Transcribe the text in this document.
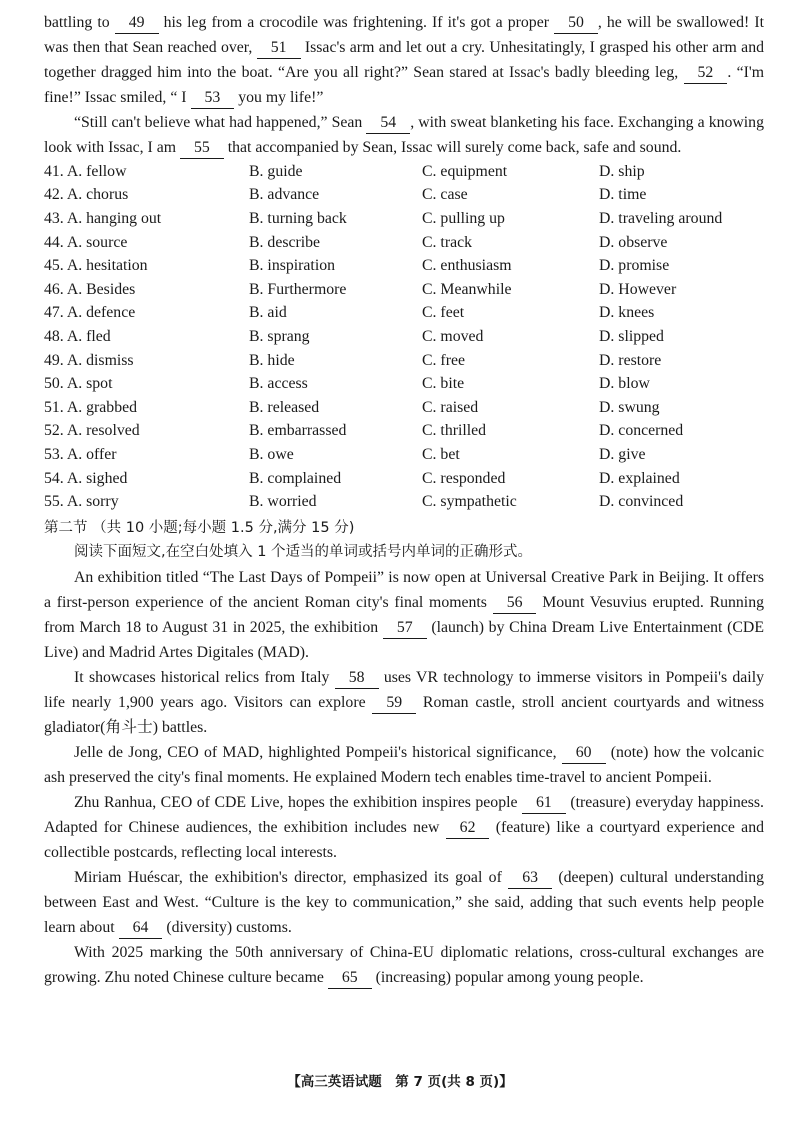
battling to 49 his leg from a crocodile was frightening. If it's got a proper 50 , he will be swallowed! It was then that Sean reached over, 51 Issac's arm and let out a cry. Unhesitatingly, I grasped his other arm and together dragged him into the boat. “Are you all right?” Sean stared at Issac's badly bleeding leg, 52 . “I'm fine!” Issac smiled, “ I 53 you my life!”

“Still can't believe what had happened,” Sean 54 , with sweat blanketing his face. Exchanging a knowing look with Issac, I am 55 that accompanied by Sean, Issac will surely come back, safe and sound.

41. A. fellow	B. guide	C. equipment	D. ship
42. A. chorus	B. advance	C. case	D. time
43. A. hanging out	B. turning back	C. pulling up	D. traveling around
44. A. source	B. describe	C. track	D. observe
45. A. hesitation	B. inspiration	C. enthusiasm	D. promise
46. A. Besides	B. Furthermore	C. Meanwhile	D. However
47. A. defence	B. aid	C. feet	D. knees
48. A. fled	B. sprang	C. moved	D. slipped
49. A. dismiss	B. hide	C. free	D. restore
50. A. spot	B. access	C. bite	D. blow
51. A. grabbed	B. released	C. raised	D. swung
52. A. resolved	B. embarrassed	C. thrilled	D. concerned
53. A. offer	B. owe	C. bet	D. give
54. A. sighed	B. complained	C. responded	D. explained
55. A. sorry	B. worried	C. sympathetic	D. convinced

第二节 （共 10 小题;每小题 1.5 分,满分 15 分)

阅读下面短文,在空白处填入 1 个适当的单词或括号内单词的正确形式。

An exhibition titled “The Last Days of Pompeii” is now open at Universal Creative Park in Beijing. It offers a first-person experience of the ancient Roman city's final moments 56 Mount Vesuvius erupted. Running from March 18 to August 31 in 2025, the exhibition 57 (launch) by China Dream Live Entertainment (CDE Live) and Madrid Artes Digitales (MAD).

It showcases historical relics from Italy 58 uses VR technology to immerse visitors in Pompeii's daily life nearly 1,900 years ago. Visitors can explore 59 Roman castle, stroll ancient courtyards and witness gladiator(角斗士) battles.

Jelle de Jong, CEO of MAD, highlighted Pompeii's historical significance, 60 (note) how the volcanic ash preserved the city's final moments. He explained Modern tech enables time-travel to ancient Pompeii.

Zhu Ranhua, CEO of CDE Live, hopes the exhibition inspires people 61 (treasure) everyday happiness. Adapted for Chinese audiences, the exhibition includes new 62 (feature) like a courtyard experience and collectible postcards, reflecting local interests.

Miriam Huéscar, the exhibition's director, emphasized its goal of 63 (deepen) cultural understanding between East and West. “Culture is the key to communication,” she said, adding that such events help people learn about 64 (diversity) customs.

With 2025 marking the 50th anniversary of China-EU diplomatic relations, cross-cultural exchanges are growing. Zhu noted Chinese culture became 65 (increasing) popular among young people.

【高三英语试题　第 7 页(共 8 页)】
